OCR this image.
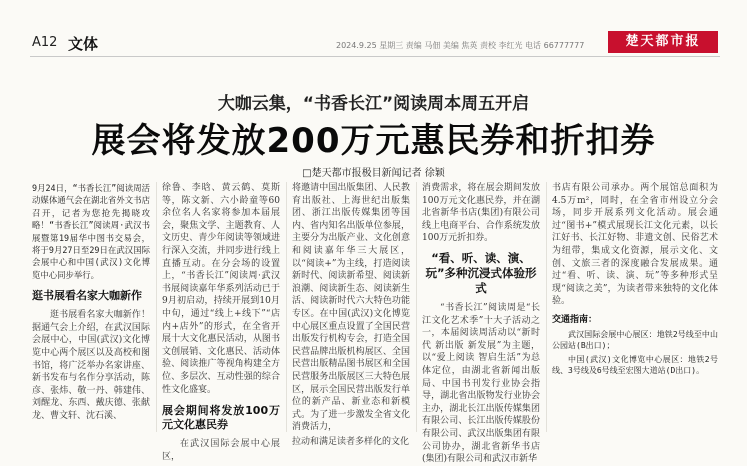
A12 文体	2024.9.25 星期三 责编 马佃 美编 焦英 责校 李红光 电话 66777777	楚天都市报
大咖云集，“书香长江”阅读周本周五开启
展会将发放200万元惠民券和折扣券
□楚天都市报极目新闻记者 徐颖

9月24日，“书香长江”阅读周活动媒体通气会在湖北省外文书店召开，记者为您抢先揭晓攻略！“书香长江”阅读周·武汉书展暨第19届华中图书交易会，将于9月27日至29日在武汉国际会展中心和中国(武汉)文化博览中心同步举行。

逛书展看名家大咖新作

逛书展看名家大咖新作！据通气会上介绍，在武汉国际会展中心，中国(武汉)文化博览中心两个展区以及高校和图书馆，将广泛举办名家讲座、新书发布与名作分享活动，陈彦、张炜、敬一丹、韩建伟、刘醒龙、东西、戴庆德、张献龙、曹文轩、沈石溪、

徐鲁、李晗、黄云鹤、莫斯等，陈文新、六小龄童等60余位名人名家将参加本届展会，聚焦文学、主题教育、人文历史、青少年阅读等领域进行深入交流，并同步进行线上直播互动。在分会场的设置上，“书香长江”阅读周·武汉书展阅读嘉年华系列活动已于9月初启动，持续开展到10月中旬，通过“线上+线下”“店内+店外”的形式，在全省开展十大文化惠民活动，从图书文创展销、文化惠民、活动体验、阅读推广等视角构建全方位、多层次、互动性强的综合性文化盛宴。

展会期间将发放100万元文化惠民券

在武汉国际会展中心展区，

将邀请中国出版集团、人民教育出版社、上海世纪出版集团、浙江出版传媒集团等国内、省内知名出版单位参展，主要分为出版产业、文化创意和阅读嘉年华三大展区，以“阅读+”为主线，打造阅读新时代、阅读新希望、阅读新浪潮、阅读新生态、阅读新生活、阅读新时代六大特色功能专区。在中国(武汉)文化博览中心展区重点设置了全国民营出版发行机构专会，打造全国民营品牌出版机构展区、全国民营出版精品图书展区和全国民营服务出版展区三大特色展区，展示全国民营出版发行单位的新产品、新业态和新模式。为了进一步激发全省文化消费活力，

拉动和满足读者多样化的文化

消费需求，将在展会期间发放100万元文化惠民券，并在湖北省新华书店(集团)有限公司线上电商平台、合作系统发放100万元折扣券。

“看、听、读、演、玩”多种沉浸式体验形式

“书香长江”阅读周是“长江文化艺术季”十大子活动之一，本届阅读周活动以“新时代 新出版 新发展”为主题，以“爱上阅读 智启生活”为总体定位，由湖北省新闻出版局、中国书刊发行业协会指导，湖北省出版物发行业协会主办，湖北长江出版传媒集团有限公司、长江出版传媒股份有限公司、武汉出版集团有限公司协办，湖北省新华书店(集团)有限公司和武汉市新华

书店有限公司承办。两个展馆总面积为4.5万m²，同时，在全省市州设立分会场，同步开展系列文化活动。展会通过“图书+”模式展现长江文化元素，以长江好书、长江好物、非遗文创、民俗艺术为纽带，集成文化资源，展示文化、文创、文旅三者的深度融合发展成果。通过“看、听、读、演、玩”等多种形式呈现“阅读之美”，为读者带来独特的文化体验。

交通指南：

武汉国际会展中心展区：地铁2号线至中山公园站(B出口)；

中国(武汉)文化博览中心展区：地铁2号线、3号线及6号线至宏图大道站(D出口)。
